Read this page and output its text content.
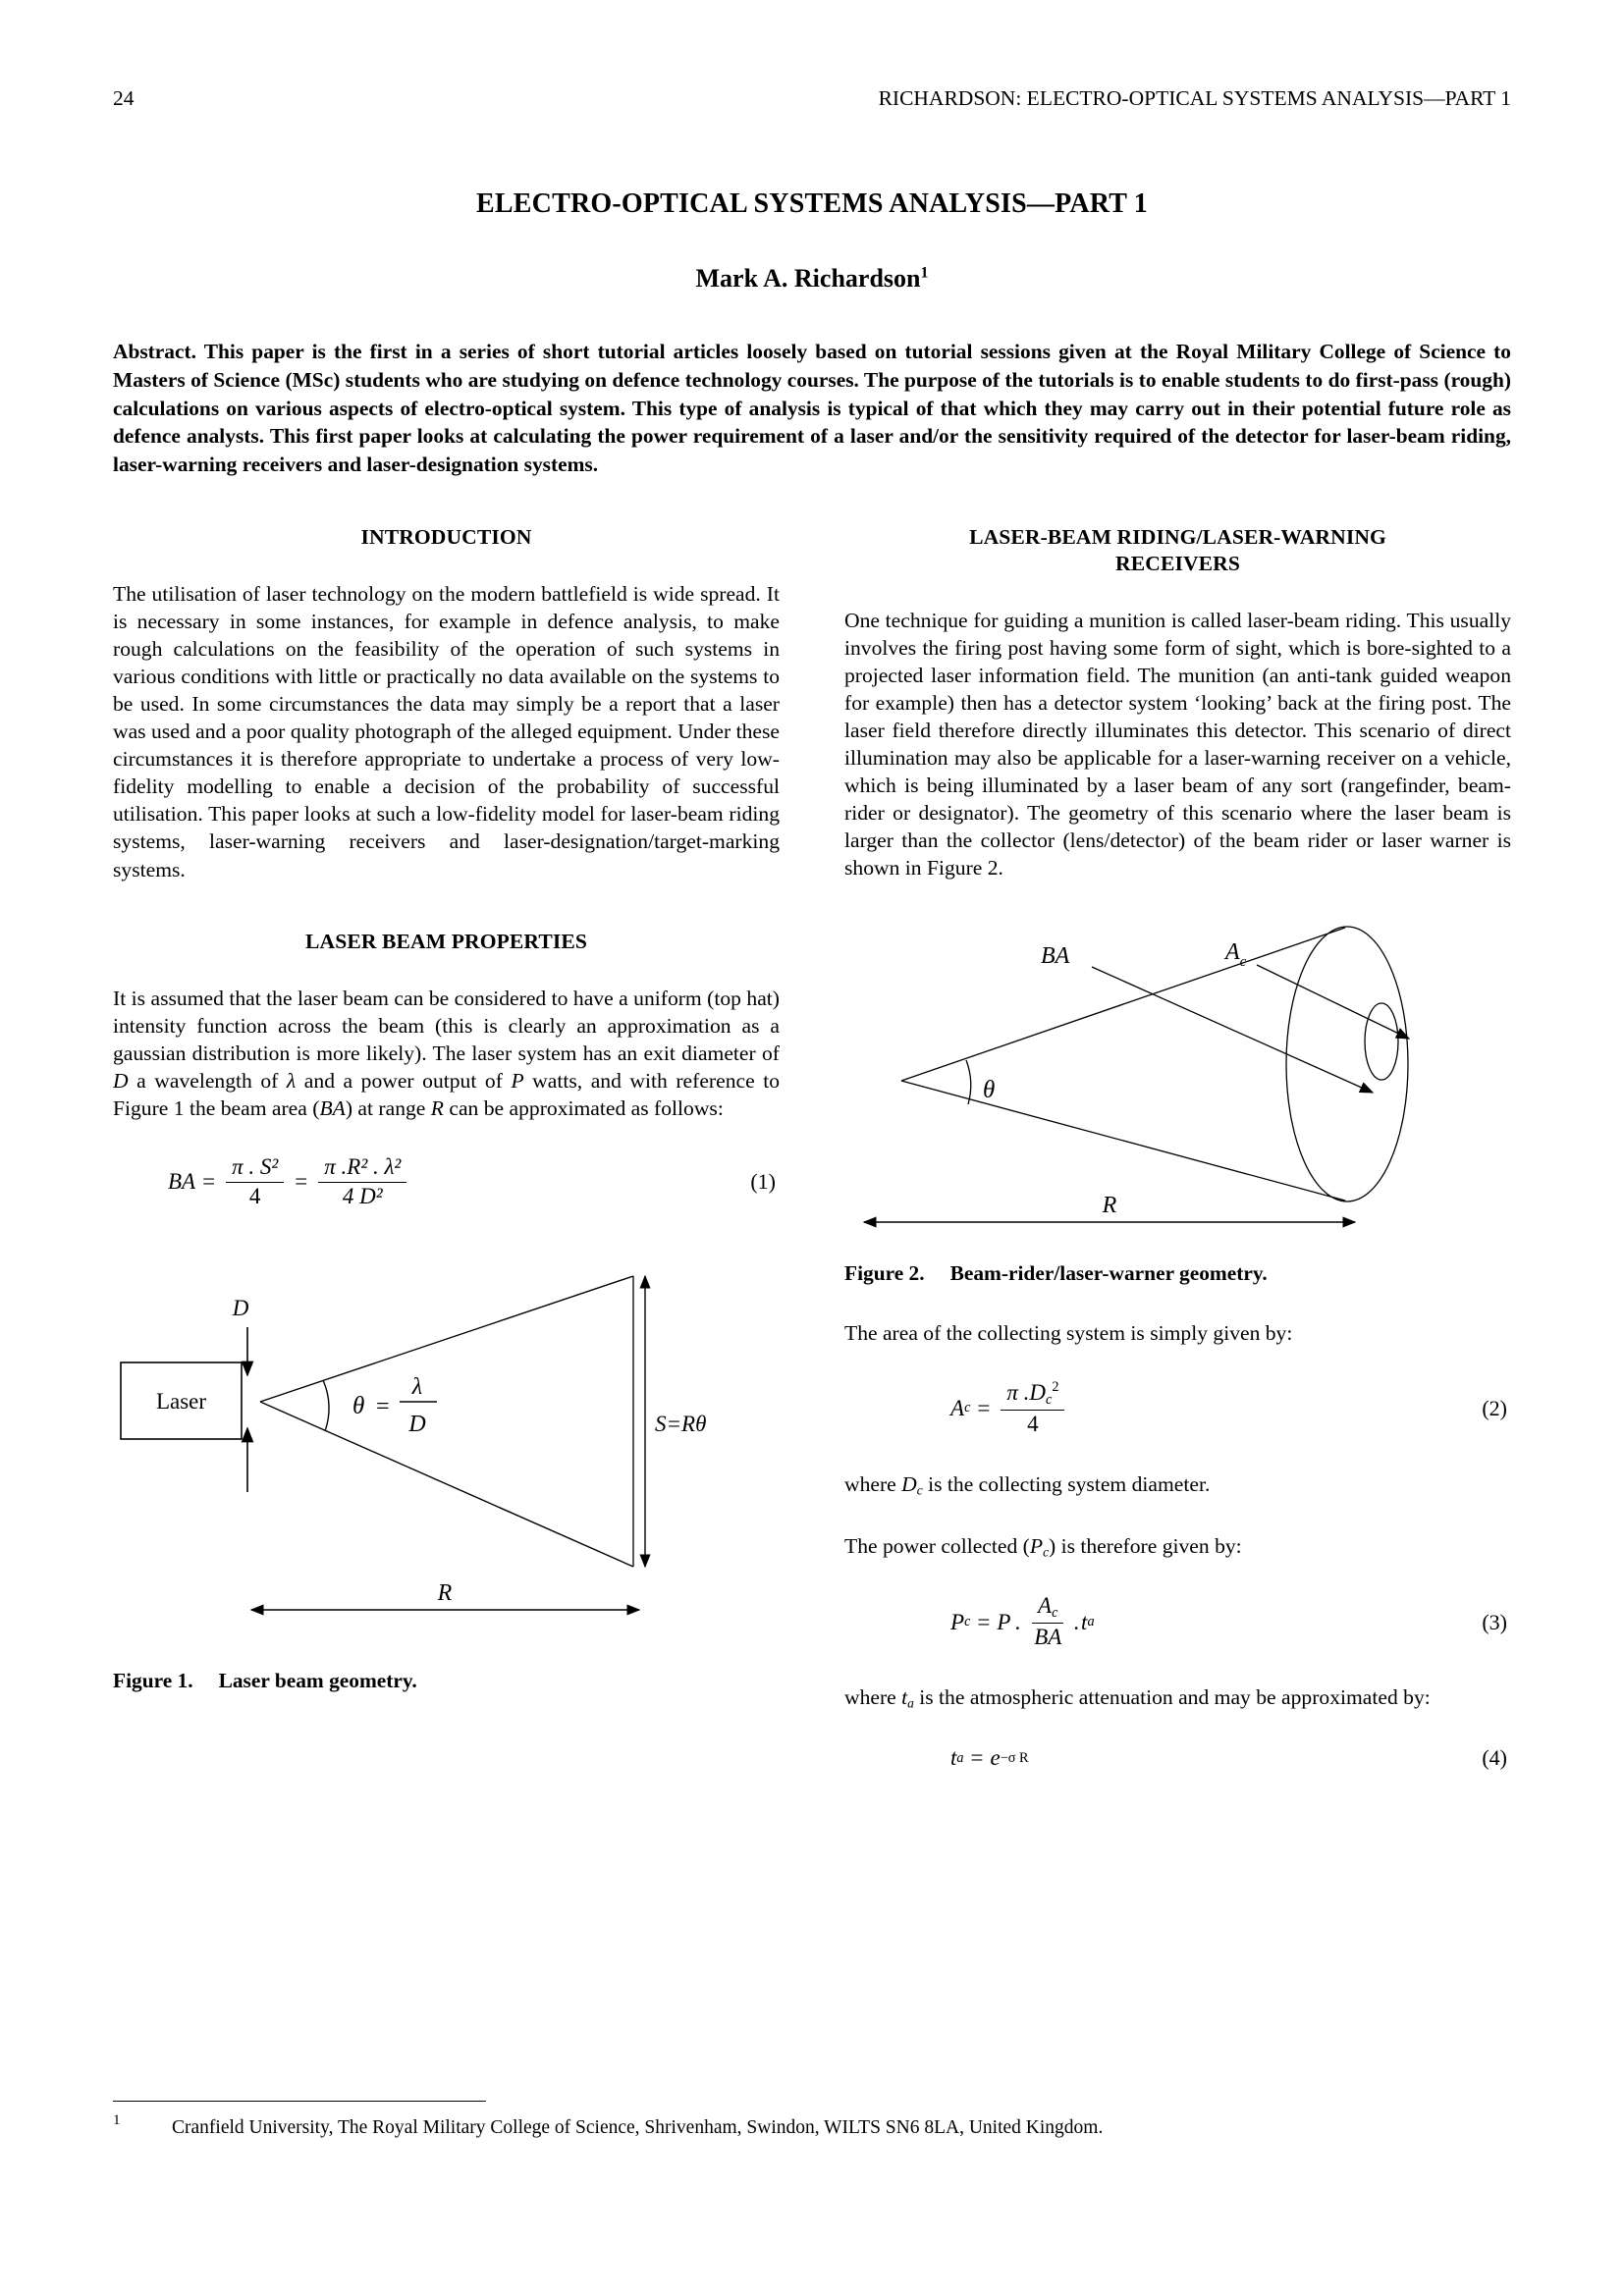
24	RICHARDSON: ELECTRO-OPTICAL SYSTEMS ANALYSIS—PART 1
ELECTRO-OPTICAL SYSTEMS ANALYSIS—PART 1
Mark A. Richardson$^1$
Abstract. This paper is the first in a series of short tutorial articles loosely based on tutorial sessions given at the Royal Military College of Science to Masters of Science (MSc) students who are studying on defence technology courses. The purpose of the tutorials is to enable students to do first-pass (rough) calculations on various aspects of electro-optical system. This type of analysis is typical of that which they may carry out in their potential future role as defence analysts. This first paper looks at calculating the power requirement of a laser and/or the sensitivity required of the detector for laser-beam riding, laser-warning receivers and laser-designation systems.
INTRODUCTION

The utilisation of laser technology on the modern battlefield is wide spread. It is necessary in some instances, for example in defence analysis, to make rough calculations on the feasibility of the operation of such systems in various conditions with little or practically no data available on the systems to be used. In some circumstances the data may simply be a report that a laser was used and a poor quality photograph of the alleged equipment. Under these circumstances it is therefore appropriate to undertake a process of very low-fidelity modelling to enable a decision of the probability of successful utilisation. This paper looks at such a low-fidelity model for laser-beam riding systems, laser-warning receivers and laser-designation/target-marking systems.

LASER BEAM PROPERTIES

It is assumed that the laser beam can be considered to have a uniform (top hat) intensity function across the beam (this is clearly an approximation as a gaussian distribution is more likely). The laser system has an exit diameter of D a wavelength of λ and a power output of P watts, and with reference to Figure 1 the beam area (BA) at range R can be approximated as follows:

BA = $\frac{\text{π . S²}}{4} = \frac{\text{π .R² . λ²}}{\text{4 D²}}$	(1)
Laser
D
θ =
λ
D	S=Rθ
R

Figure 1. Laser beam geometry.

LASER-BEAM RIDING/LASER-WARNING
RECEIVERS

One technique for guiding a munition is called laser-beam riding. This usually involves the firing post having some form of sight, which is bore-sighted to a projected laser information field. The munition (an anti-tank guided weapon for example) then has a detector system ‘looking’ back at the firing post. The laser field therefore directly illuminates this detector. This scenario of direct illumination may also be applicable for a laser-warning receiver on a vehicle, which is being illuminated by a laser beam of any sort (rangefinder, beam-rider or designator). The geometry of this scenario where the laser beam is larger than the collector (lens/detector) of the beam rider or laser warner is shown in Figure 2.

θ
BA	$A_c$
R

Figure 2. Beam-rider/laser-warner geometry.

The area of the collecting system is simply given by:

A $c = \frac{\pi .Dc^2}{4}$	(2)

where Dc is the collecting system diameter.

The power collected (Pc) is therefore given by:

P c = P . $\frac{Ac}{BA}$ . t a	(3)

where ta is the atmospheric attenuation and may be approximated by:

t a = e −σ R	(4)
1	Cranfield University, The Royal Military College of Science, Shrivenham, Swindon, WILTS SN6 8LA, United Kingdom.
